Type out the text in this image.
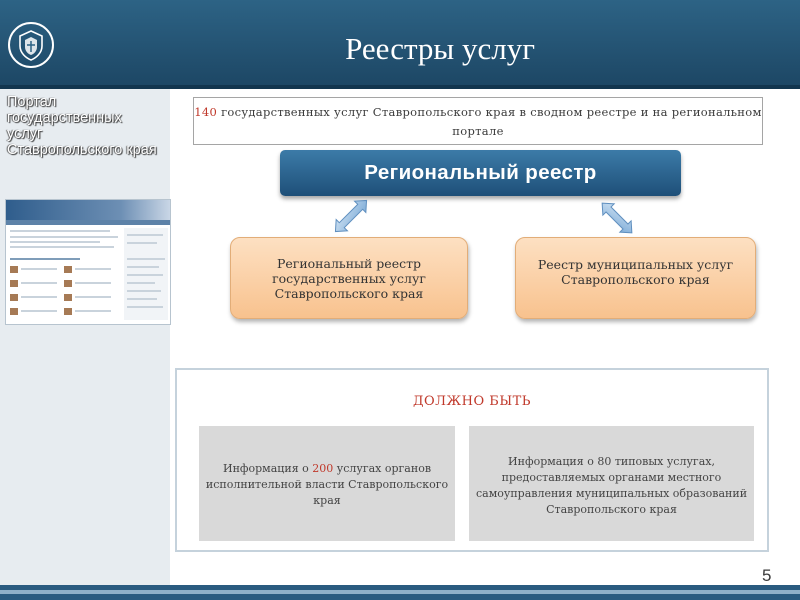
Реестры услуг
Портал государственных услуг Ставропольского края
140 государственных услуг Ставропольского края в сводном реестре и на региональном портале
Региональный реестр
Региональный реестр государственных услуг Ставропольского края
Реестр муниципальных услуг Ставропольского края
ДОЛЖНО БЫТЬ
Информация о 200 услугах органов исполнительной власти Ставропольского края
Информация о 80 типовых услугах, предоставляемых органами местного самоуправления муниципальных образований Ставропольского края
5
